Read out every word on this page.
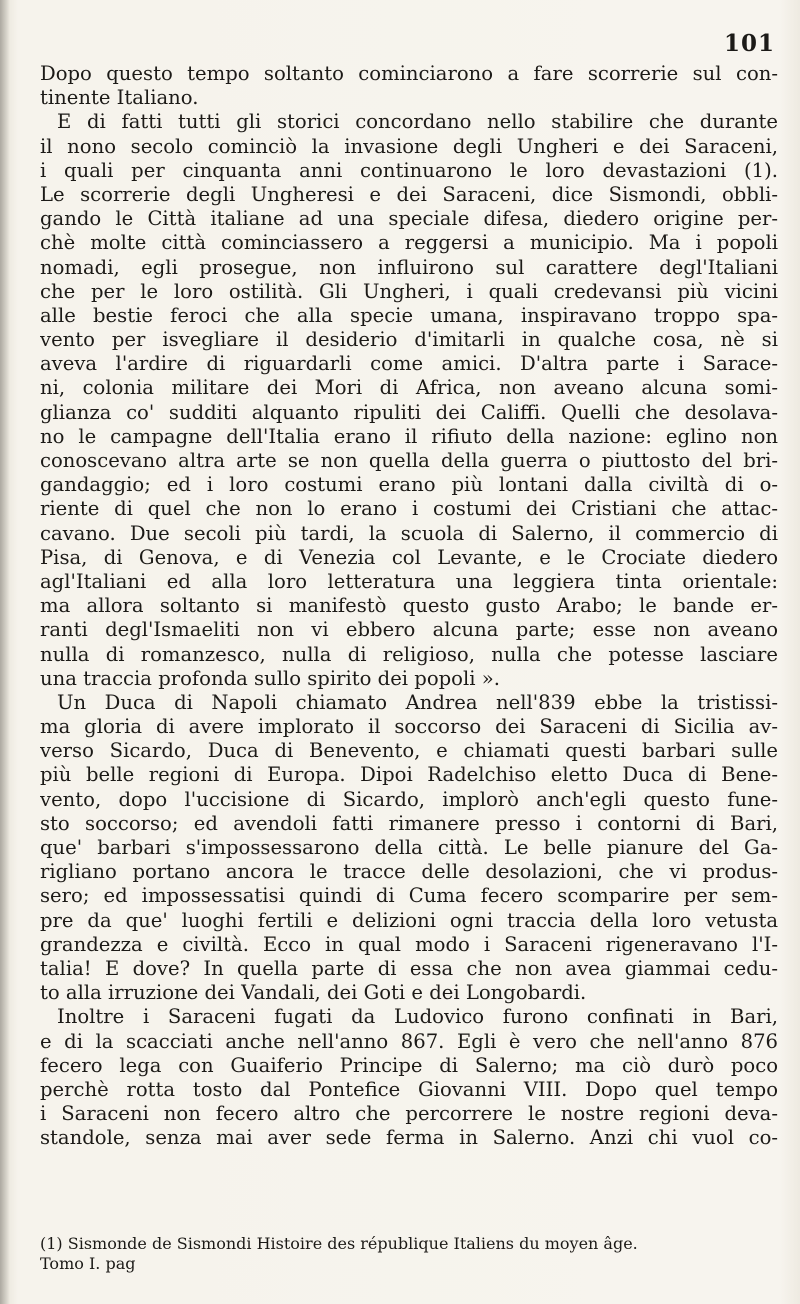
101
Dopo questo tempo soltanto cominciarono a fare scorrerie sul con-
tinente Italiano.
E di fatti tutti gli storici concordano nello stabilire che durante
il nono secolo cominciò la invasione degli Ungheri e dei Saraceni,
i quali per cinquanta anni continuarono le loro devastazioni (1).
Le scorrerie degli Ungheresi e dei Saraceni, dice Sismondi, obbli-
gando le Città italiane ad una speciale difesa, diedero origine per-
chè molte città cominciassero a reggersi a municipio. Ma i popoli
nomadi, egli prosegue, non influirono sul carattere degl'Italiani
che per le loro ostilità. Gli Ungheri, i quali credevansi più vicini
alle bestie feroci che alla specie umana, inspiravano troppo spa-
vento per isvegliare il desiderio d'imitarli in qualche cosa, nè si
aveva l'ardire di riguardarli come amici. D'altra parte i Sarace-
ni, colonia militare dei Mori di Africa, non aveano alcuna somi-
glianza co' sudditi alquanto ripuliti dei Califfi. Quelli che desolava-
no le campagne dell'Italia erano il rifiuto della nazione: eglino non
conoscevano altra arte se non quella della guerra o piuttosto del bri-
gandaggio; ed i loro costumi erano più lontani dalla civiltà di o-
riente di quel che non lo erano i costumi dei Cristiani che attac-
cavano. Due secoli più tardi, la scuola di Salerno, il commercio di
Pisa, di Genova, e di Venezia col Levante, e le Crociate diedero
agl'Italiani ed alla loro letteratura una leggiera tinta orientale:
ma allora soltanto si manifestò questo gusto Arabo; le bande er-
ranti degl'Ismaeliti non vi ebbero alcuna parte; esse non aveano
nulla di romanzesco, nulla di religioso, nulla che potesse lasciare
una traccia profonda sullo spirito dei popoli ».
Un Duca di Napoli chiamato Andrea nell'839 ebbe la tristissi-
ma gloria di avere implorato il soccorso dei Saraceni di Sicilia av-
verso Sicardo, Duca di Benevento, e chiamati questi barbari sulle
più belle regioni di Europa. Dipoi Radelchiso eletto Duca di Bene-
vento, dopo l'uccisione di Sicardo, implorò anch'egli questo fune-
sto soccorso; ed avendoli fatti rimanere presso i contorni di Bari,
que' barbari s'impossessarono della città. Le belle pianure del Ga-
rigliano portano ancora le tracce delle desolazioni, che vi produs-
sero; ed impossessatisi quindi di Cuma fecero scomparire per sem-
pre da que' luoghi fertili e delizioni ogni traccia della loro vetusta
grandezza e civiltà. Ecco in qual modo i Saraceni rigeneravano l'I-
talia! E dove? In quella parte di essa che non avea giammai cedu-
to alla irruzione dei Vandali, dei Goti e dei Longobardi.
Inoltre i Saraceni fugati da Ludovico furono confinati in Bari,
e di la scacciati anche nell'anno 867. Egli è vero che nell'anno 876
fecero lega con Guaiferio Principe di Salerno; ma ciò durò poco
perchè rotta tosto dal Pontefice Giovanni VIII. Dopo quel tempo
i Saraceni non fecero altro che percorrere le nostre regioni deva-
standole, senza mai aver sede ferma in Salerno. Anzi chi vuol co-
(1) Sismonde de Sismondi Histoire des république Italiens du moyen âge.
Tomo I. pag
